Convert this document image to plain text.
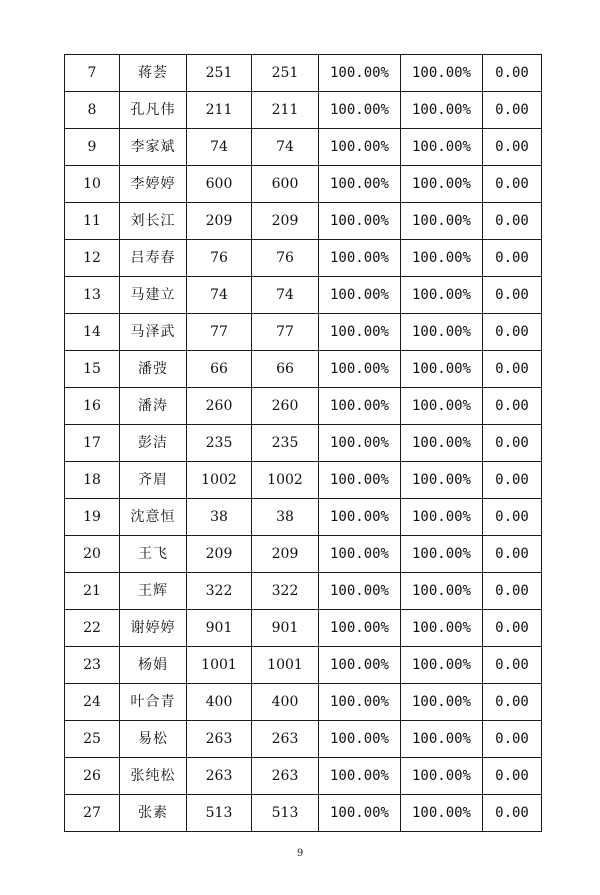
7	蒋荟	251	251	100.00%	100.00%	0.00
8	孔凡伟	211	211	100.00%	100.00%	0.00
9	李家斌	74	74	100.00%	100.00%	0.00
10	李婷婷	600	600	100.00%	100.00%	0.00
11	刘长江	209	209	100.00%	100.00%	0.00
12	吕寿春	76	76	100.00%	100.00%	0.00
13	马建立	74	74	100.00%	100.00%	0.00
14	马泽武	77	77	100.00%	100.00%	0.00
15	潘弢	66	66	100.00%	100.00%	0.00
16	潘涛	260	260	100.00%	100.00%	0.00
17	彭洁	235	235	100.00%	100.00%	0.00
18	齐眉	1002	1002	100.00%	100.00%	0.00
19	沈意恒	38	38	100.00%	100.00%	0.00
20	王飞	209	209	100.00%	100.00%	0.00
21	王辉	322	322	100.00%	100.00%	0.00
22	谢婷婷	901	901	100.00%	100.00%	0.00
23	杨娟	1001	1001	100.00%	100.00%	0.00
24	叶合青	400	400	100.00%	100.00%	0.00
25	易松	263	263	100.00%	100.00%	0.00
26	张纯松	263	263	100.00%	100.00%	0.00
27	张素	513	513	100.00%	100.00%	0.00
9
